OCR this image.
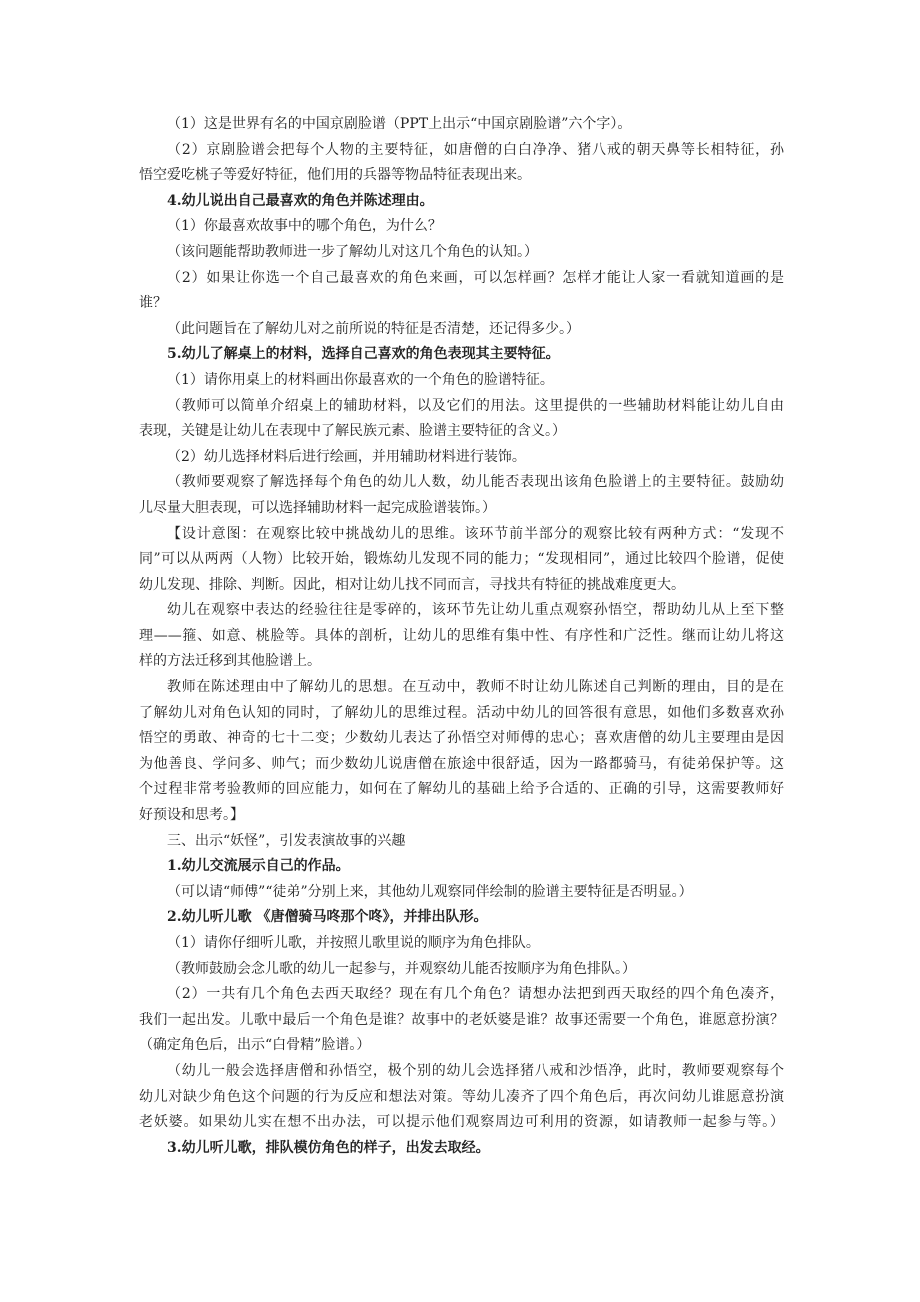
（1）这是世界有名的中国京剧脸谱（PPT上出示“中国京剧脸谱”六个字）。
（2）京剧脸谱会把每个人物的主要特征，如唐僧的白白净净、猪八戒的朝天鼻等长相特征，孙
悟空爱吃桃子等爱好特征，他们用的兵器等物品特征表现出来。
4.幼儿说出自己最喜欢的角色并陈述理由。
（1）你最喜欢故事中的哪个角色，为什么？
（该问题能帮助教师进一步了解幼儿对这几个角色的认知。）
（2）如果让你选一个自己最喜欢的角色来画，可以怎样画？怎样才能让人家一看就知道画的是
谁？
（此问题旨在了解幼儿对之前所说的特征是否清楚，还记得多少。）
5.幼儿了解桌上的材料，选择自己喜欢的角色表现其主要特征。
（1）请你用桌上的材料画出你最喜欢的一个角色的脸谱特征。
（教师可以简单介绍桌上的辅助材料，以及它们的用法。这里提供的一些辅助材料能让幼儿自由
表现，关键是让幼儿在表现中了解民族元素、脸谱主要特征的含义。）
（2）幼儿选择材料后进行绘画，并用辅助材料进行装饰。
（教师要观察了解选择每个角色的幼儿人数，幼儿能否表现出该角色脸谱上的主要特征。鼓励幼
儿尽量大胆表现，可以选择辅助材料一起完成脸谱装饰。）
【设计意图：在观察比较中挑战幼儿的思维。该环节前半部分的观察比较有两种方式：“发现不
同”可以从两两（人物）比较开始，锻炼幼儿发现不同的能力；“发现相同”，通过比较四个脸谱，促使
幼儿发现、排除、判断。因此，相对让幼儿找不同而言，寻找共有特征的挑战难度更大。
幼儿在观察中表达的经验往往是零碎的，该环节先让幼儿重点观察孙悟空，帮助幼儿从上至下整
理——箍、如意、桃脸等。具体的剖析，让幼儿的思维有集中性、有序性和广泛性。继而让幼儿将这
样的方法迁移到其他脸谱上。
教师在陈述理由中了解幼儿的思想。在互动中，教师不时让幼儿陈述自己判断的理由，目的是在
了解幼儿对角色认知的同时，了解幼儿的思维过程。活动中幼儿的回答很有意思，如他们多数喜欢孙
悟空的勇敢、神奇的七十二变；少数幼儿表达了孙悟空对师傅的忠心；喜欢唐僧的幼儿主要理由是因
为他善良、学问多、帅气；而少数幼儿说唐僧在旅途中很舒适，因为一路都骑马，有徒弟保护等。这
个过程非常考验教师的回应能力，如何在了解幼儿的基础上给予合适的、正确的引导，这需要教师好
好预设和思考。】
三、出示“妖怪”，引发表演故事的兴趣
1.幼儿交流展示自己的作品。
（可以请“师傅”“徒弟”分别上来，其他幼儿观察同伴绘制的脸谱主要特征是否明显。）
2.幼儿听儿歌 《唐僧骑马咚那个咚》，并排出队形。
（1）请你仔细听儿歌，并按照儿歌里说的顺序为角色排队。
（教师鼓励会念儿歌的幼儿一起参与，并观察幼儿能否按顺序为角色排队。）
（2）一共有几个角色去西天取经？现在有几个角色？请想办法把到西天取经的四个角色凑齐，
我们一起出发。儿歌中最后一个角色是谁？故事中的老妖婆是谁？故事还需要一个角色，谁愿意扮演？
（确定角色后，出示“白骨精”脸谱。）
（幼儿一般会选择唐僧和孙悟空，极个别的幼儿会选择猪八戒和沙悟净，此时，教师要观察每个
幼儿对缺少角色这个问题的行为反应和想法对策。等幼儿凑齐了四个角色后，再次问幼儿谁愿意扮演
老妖婆。如果幼儿实在想不出办法，可以提示他们观察周边可利用的资源，如请教师一起参与等。）
3.幼儿听儿歌，排队模仿角色的样子，出发去取经。
